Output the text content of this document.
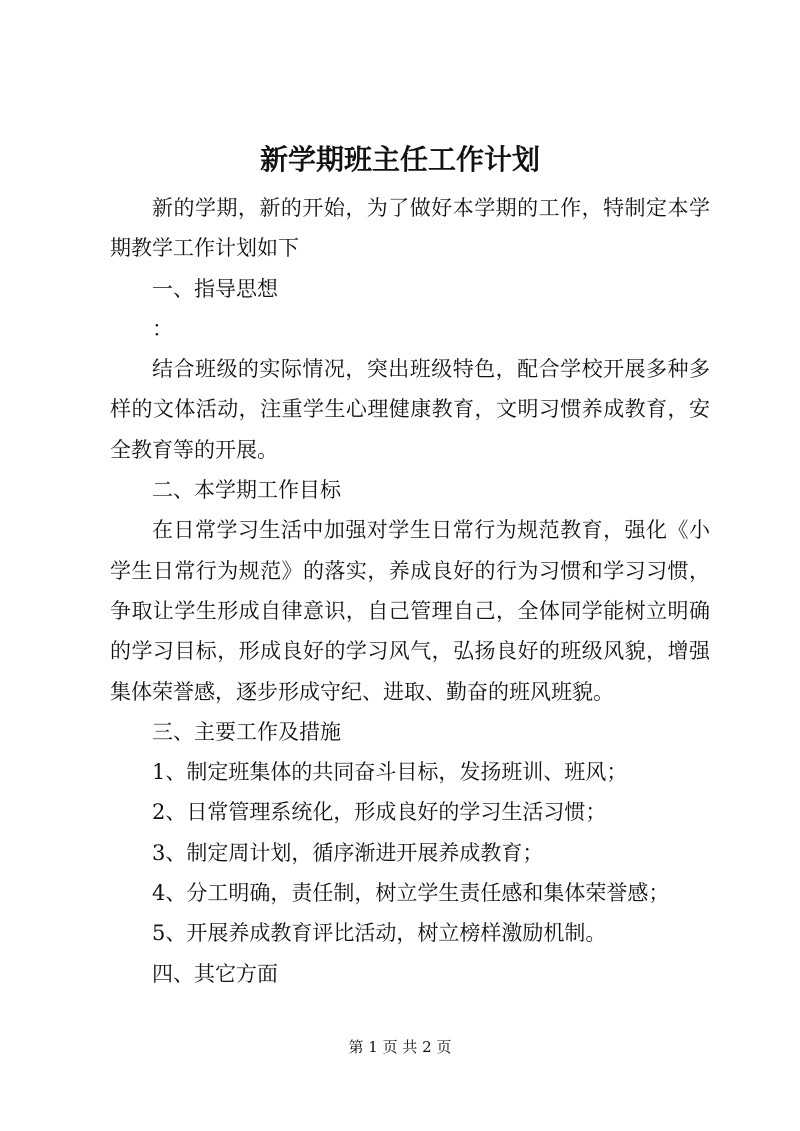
新学期班主任工作计划

新的学期，新的开始，为了做好本学期的工作，特制定本学期教学工作计划如下

一、指导思想

：

结合班级的实际情况，突出班级特色，配合学校开展多种多样的文体活动，注重学生心理健康教育，文明习惯养成教育，安全教育等的开展。

二、本学期工作目标

在日常学习生活中加强对学生日常行为规范教育，强化《小学生日常行为规范》的落实，养成良好的行为习惯和学习习惯，争取让学生形成自律意识，自己管理自己，全体同学能树立明确的学习目标，形成良好的学习风气，弘扬良好的班级风貌，增强集体荣誉感，逐步形成守纪、进取、勤奋的班风班貌。

三、主要工作及措施

1、制定班集体的共同奋斗目标，发扬班训、班风；

2、日常管理系统化，形成良好的学习生活习惯；

3、制定周计划，循序渐进开展养成教育；

4、分工明确，责任制，树立学生责任感和集体荣誉感；

5、开展养成教育评比活动，树立榜样激励机制。

四、其它方面

第 1 页 共 2 页
